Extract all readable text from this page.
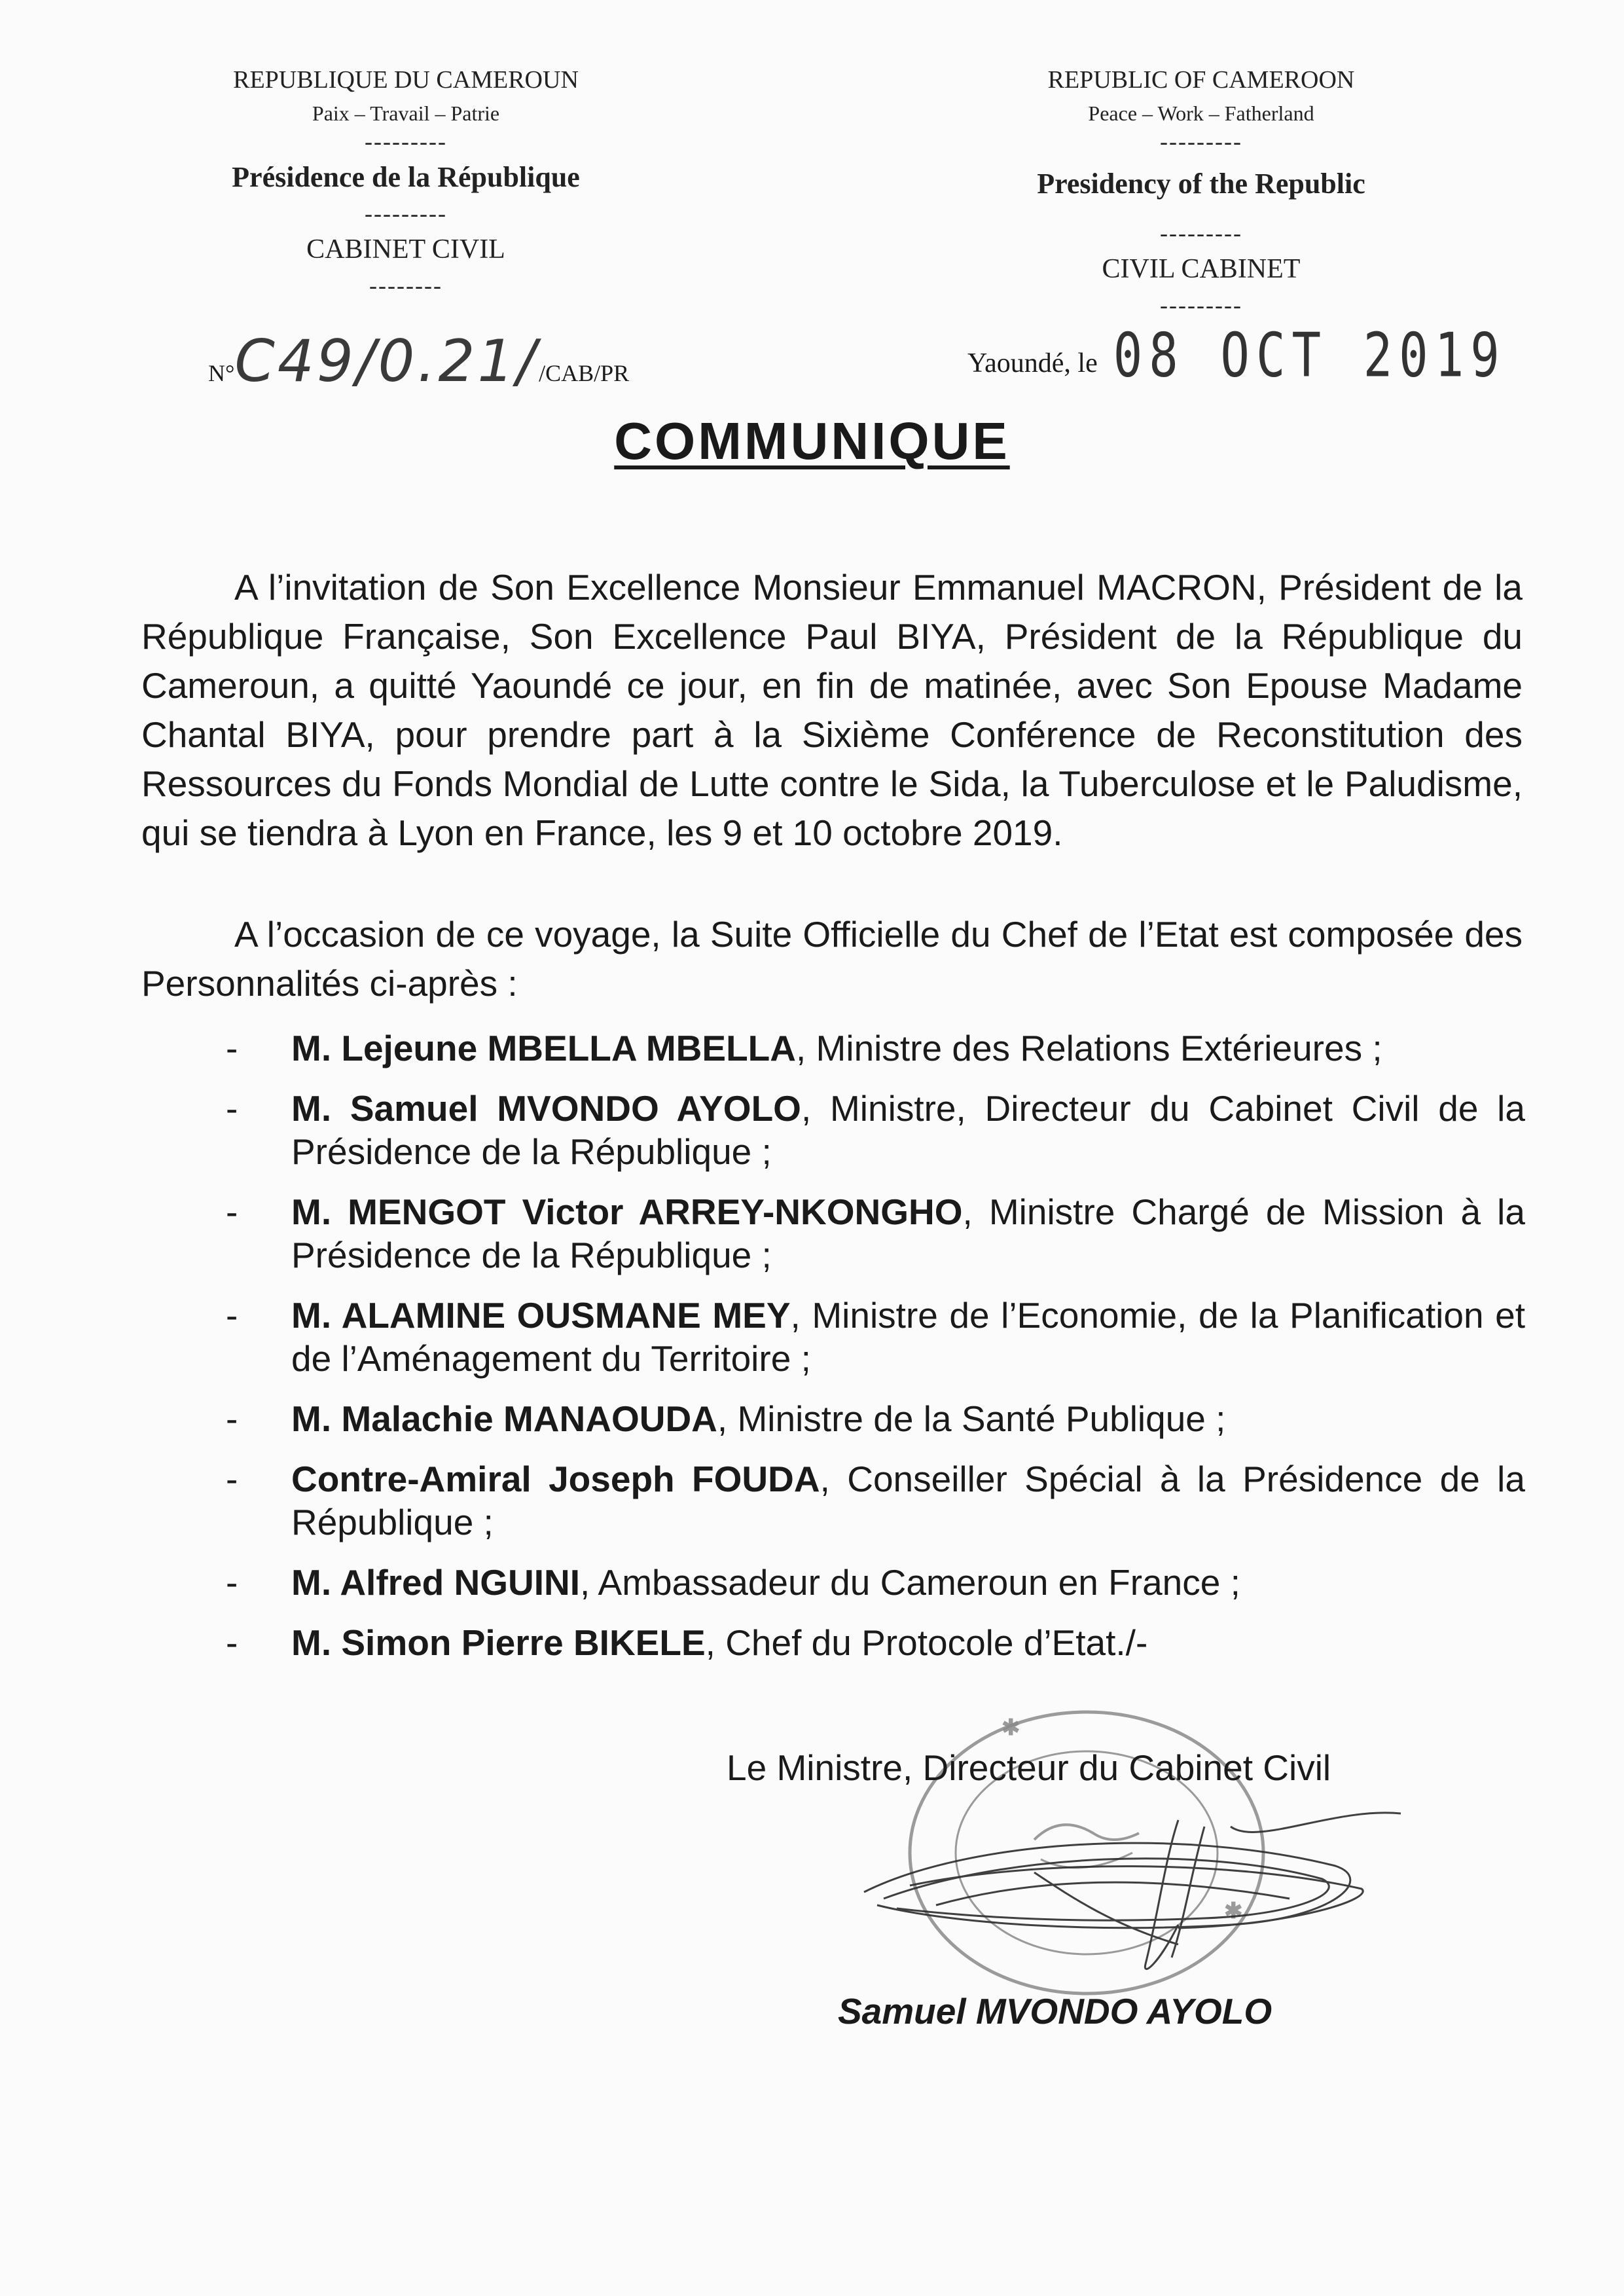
REPUBLIQUE DU CAMEROUN
Paix – Travail – Patrie
---------
Présidence de la République
---------
CABINET CIVIL
--------
REPUBLIC OF CAMEROON
Peace – Work – Fatherland
---------
Presidency of the Republic
---------
CIVIL CABINET
---------
N°C49/0.21//CAB/PR	Yaoundé, le 08 OCT 2019
COMMUNIQUE
A l’invitation de Son Excellence Monsieur Emmanuel MACRON, Président de la République Française, Son Excellence Paul BIYA, Président de la République du Cameroun, a quitté Yaoundé ce jour, en fin de matinée, avec Son Epouse Madame Chantal BIYA, pour prendre part à la Sixième Conférence de Reconstitution des Ressources du Fonds Mondial de Lutte contre le Sida, la Tuberculose et le Paludisme, qui se tiendra à Lyon en France, les 9 et 10 octobre 2019.
A l’occasion de ce voyage, la Suite Officielle du Chef de l’Etat est composée des Personnalités ci-après :
- M. Lejeune MBELLA MBELLA, Ministre des Relations Extérieures ;
- M. Samuel MVONDO AYOLO, Ministre, Directeur du Cabinet Civil de la Présidence de la République ;
- M. MENGOT Victor ARREY-NKONGHO, Ministre Chargé de Mission à la Présidence de la République ;
- M. ALAMINE OUSMANE MEY, Ministre de l’Economie, de la Planification et de l’Aménagement du Territoire ;
- M. Malachie MANAOUDA, Ministre de la Santé Publique ;
- Contre-Amiral Joseph FOUDA, Conseiller Spécial à la Présidence de la République ;
- M. Alfred NGUINI, Ambassadeur du Cameroun en France ;
- M. Simon Pierre BIKELE, Chef du Protocole d’Etat./-
✱
✱
Le Ministre, Directeur du Cabinet Civil
Samuel MVONDO AYOLO
